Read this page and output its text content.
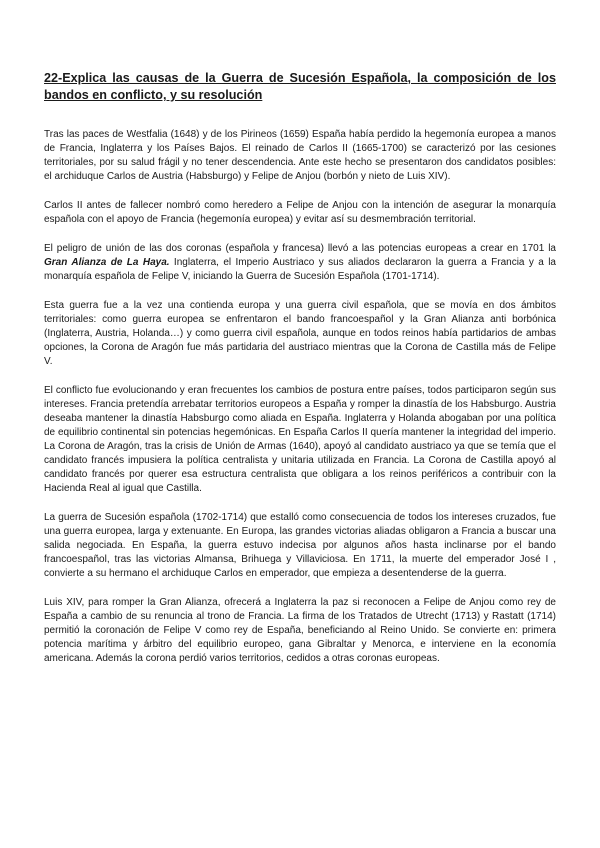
22-Explica las causas de la Guerra de Sucesión Española, la composición de los bandos en conflicto, y su resolución

Tras las paces de Westfalia (1648) y de los Pirineos (1659) España había perdido la hegemonía europea a manos de Francia, Inglaterra y los Países Bajos. El reinado de Carlos II (1665-1700) se caracterizó por las cesiones territoriales, por su salud frágil y no tener descendencia. Ante este hecho se presentaron dos candidatos posibles: el archiduque Carlos de Austria (Habsburgo) y Felipe de Anjou (borbón y nieto de Luis XIV).

Carlos II antes de fallecer nombró como heredero a Felipe de Anjou con la intención de asegurar la monarquía española con el apoyo de Francia (hegemonía europea) y evitar así su desmembración territorial.

El peligro de unión de las dos coronas (española y francesa) llevó a las potencias europeas a crear en 1701 la Gran Alianza de La Haya. Inglaterra, el Imperio Austriaco y sus aliados declararon la guerra a Francia y a la monarquía española de Felipe V, iniciando la Guerra de Sucesión Española (1701-1714).

Esta guerra fue a la vez una contienda europa y una guerra civil española, que se movía en dos ámbitos territoriales: como guerra europea se enfrentaron el bando francoespañol y la Gran Alianza anti borbónica (Inglaterra, Austria, Holanda…) y como guerra civil española, aunque en todos reinos había partidarios de ambas opciones, la Corona de Aragón fue más partidaria del austriaco mientras que la Corona de Castilla más de Felipe V.

El conflicto fue evolucionando y eran frecuentes los cambios de postura entre países, todos participaron según sus intereses. Francia pretendía arrebatar territorios europeos a España y romper la dinastía de los Habsburgo. Austria deseaba mantener la dinastía Habsburgo como aliada en España. Inglaterra y Holanda abogaban por una política de equilibrio continental sin potencias hegemónicas. En España Carlos II quería mantener la integridad del imperio. La Corona de Aragón, tras la crisis de Unión de Armas (1640), apoyó al candidato austriaco ya que se temía que el candidato francés impusiera la política centralista y unitaria utilizada en Francia. La Corona de Castilla apoyó al candidato francés por querer esa estructura centralista que obligara a los reinos periféricos a contribuir con la Hacienda Real al igual que Castilla.

La guerra de Sucesión española (1702-1714) que estalló como consecuencia de todos los intereses cruzados, fue una guerra europea, larga y extenuante. En Europa, las grandes victorias aliadas obligaron a Francia a buscar una salida negociada. En España, la guerra estuvo indecisa por algunos años hasta inclinarse por el bando francoespañol, tras las victorias Almansa, Brihuega y Villaviciosa. En 1711, la muerte del emperador José I , convierte a su hermano el archiduque Carlos en emperador, que empieza a desentenderse de la guerra.

Luis XIV, para romper la Gran Alianza, ofrecerá a Inglaterra la paz si reconocen a Felipe de Anjou como rey de España a cambio de su renuncia al trono de Francia. La firma de los Tratados de Utrecht (1713) y Rastatt (1714) permitió la coronación de Felipe V como rey de España, beneficiando al Reino Unido. Se convierte en: primera potencia marítima y árbitro del equilibrio europeo, gana Gibraltar y Menorca, e interviene en la economía americana. Además la corona perdió varios territorios, cedidos a otras coronas europeas.
